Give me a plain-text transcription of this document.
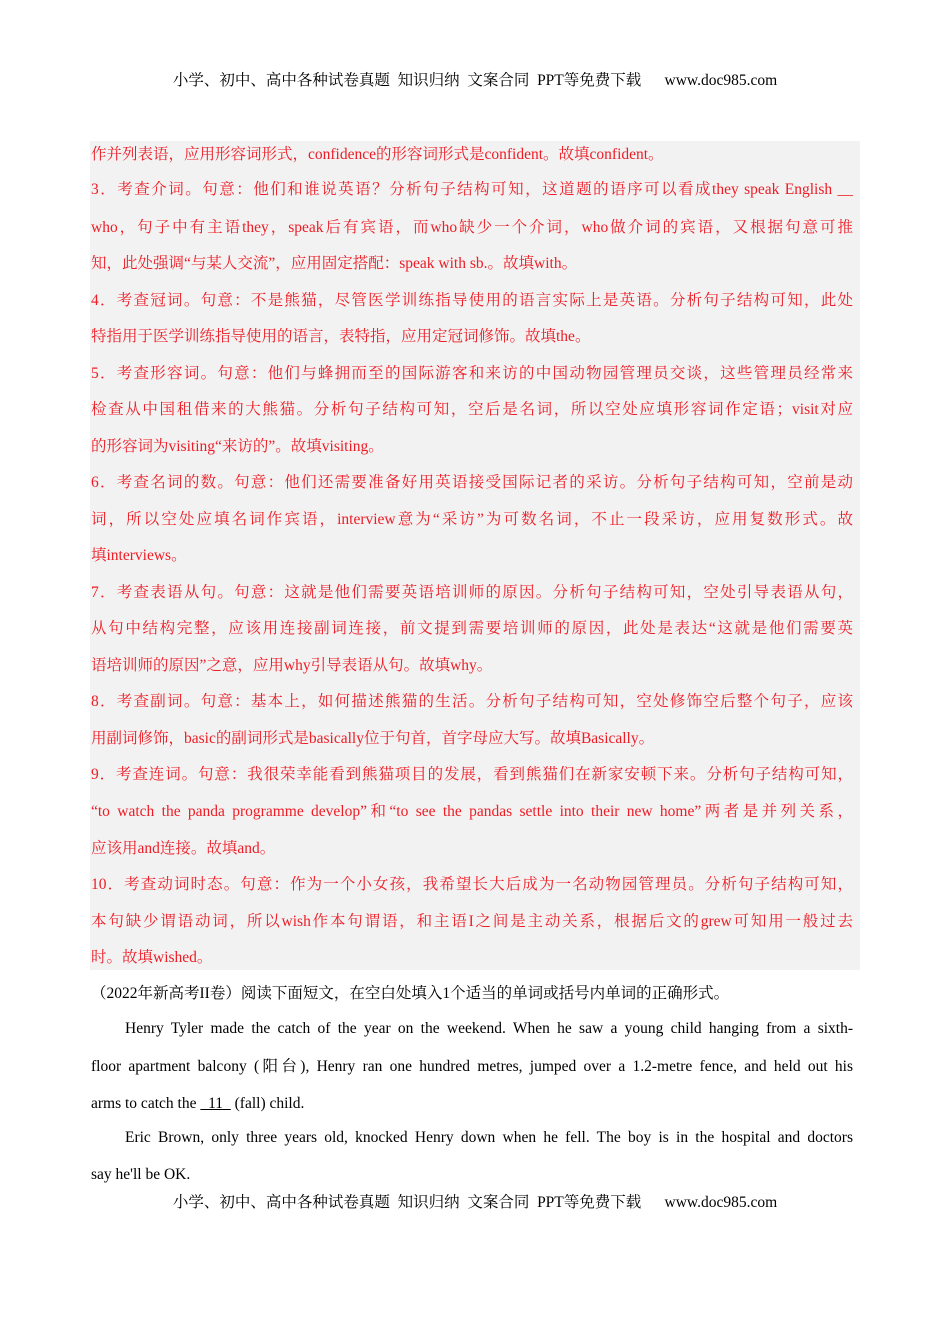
小学、初中、高中各种试卷真题  知识归纳  文案合同  PPT等免费下载      www.doc985.com
作并列表语，应用形容词形式，confidence的形容词形式是confident。故填confident。
3．考查介词。句意：他们和谁说英语？分析句子结构可知，这道题的语序可以看成they speak English __
who，句子中有主语they，speak后有宾语，而who缺少一个介词，who做介词的宾语，又根据句意可推
知，此处强调“与某人交流”，应用固定搭配：speak with sb.。故填with。
4．考查冠词。句意：不是熊猫，尽管医学训练指导使用的语言实际上是英语。分析句子结构可知，此处
特指用于医学训练指导使用的语言，表特指，应用定冠词修饰。故填the。
5．考查形容词。句意：他们与蜂拥而至的国际游客和来访的中国动物园管理员交谈，这些管理员经常来
检查从中国租借来的大熊猫。分析句子结构可知，空后是名词，所以空处应填形容词作定语；visit对应
的形容词为visiting“来访的”。故填visiting。
6．考查名词的数。句意：他们还需要准备好用英语接受国际记者的采访。分析句子结构可知，空前是动
词，所以空处应填名词作宾语，interview意为“采访”为可数名词，不止一段采访，应用复数形式。故
填interviews。
7．考查表语从句。句意：这就是他们需要英语培训师的原因。分析句子结构可知，空处引导表语从句，
从句中结构完整，应该用连接副词连接，前文提到需要培训师的原因，此处是表达“这就是他们需要英
语培训师的原因”之意，应用why引导表语从句。故填why。
8．考查副词。句意：基本上，如何描述熊猫的生活。分析句子结构可知，空处修饰空后整个句子，应该
用副词修饰，basic的副词形式是basically位于句首，首字母应大写。故填Basically。
9．考查连词。句意：我很荣幸能看到熊猫项目的发展，看到熊猫们在新家安顿下来。分析句子结构可知，
“to watch the panda programme develop”和“to see the pandas settle into their new home”两者是并列关系，
应该用and连接。故填and。
10．考查动词时态。句意：作为一个小女孩，我希望长大后成为一名动物园管理员。分析句子结构可知，
本句缺少谓语动词，所以wish作本句谓语，和主语I之间是主动关系，根据后文的grew可知用一般过去
时。故填wished。
（2022年新高考II卷）阅读下面短文，在空白处填入1个适当的单词或括号内单词的正确形式。
Henry Tyler made the catch of the year on the weekend. When he saw a young child hanging from a sixth-
floor apartment balcony (阳台), Henry ran one hundred metres, jumped over a 1.2-metre fence, and held out his
arms to catch the   11   (fall) child.
Eric Brown, only three years old, knocked Henry down when he fell. The boy is in the hospital and doctors
say he'll be OK.
小学、初中、高中各种试卷真题  知识归纳  文案合同  PPT等免费下载      www.doc985.com
